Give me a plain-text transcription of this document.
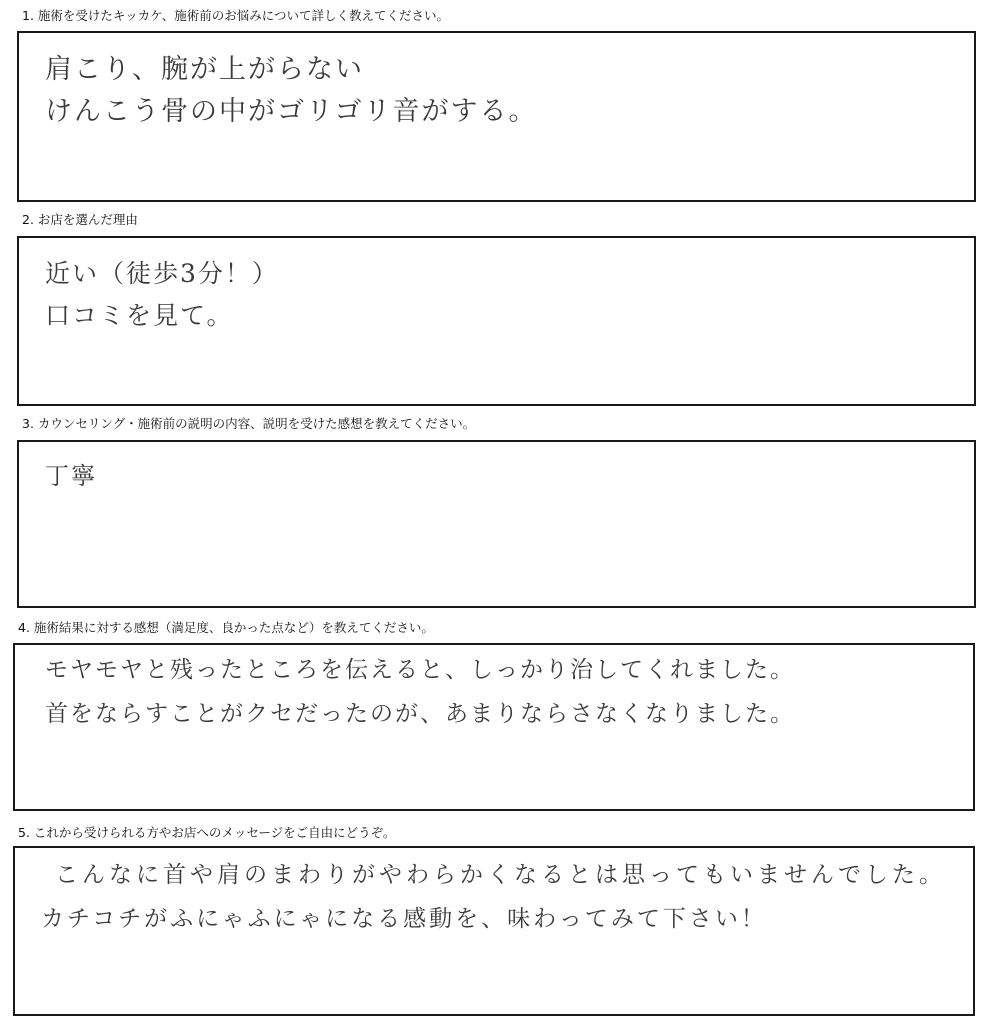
1. 施術を受けたキッカケ、施術前のお悩みについて詳しく教えてください。
肩こり、腕が上がらない
けんこう骨の中がゴリゴリ音がする。
2. お店を選んだ理由
近い（徒歩3分！）
口コミを見て。
3. カウンセリング・施術前の説明の内容、説明を受けた感想を教えてください。
丁寧
4. 施術結果に対する感想（満足度、良かった点など）を教えてください。
モヤモヤと残ったところを伝えると、しっかり治してくれました。
首をならすことがクセだったのが、あまりならさなくなりました。
5. これから受けられる方やお店へのメッセージをご自由にどうぞ。
こんなに首や肩のまわりがやわらかくなるとは思ってもいませんでした。
カチコチがふにゃふにゃになる感動を、味わってみて下さい！
